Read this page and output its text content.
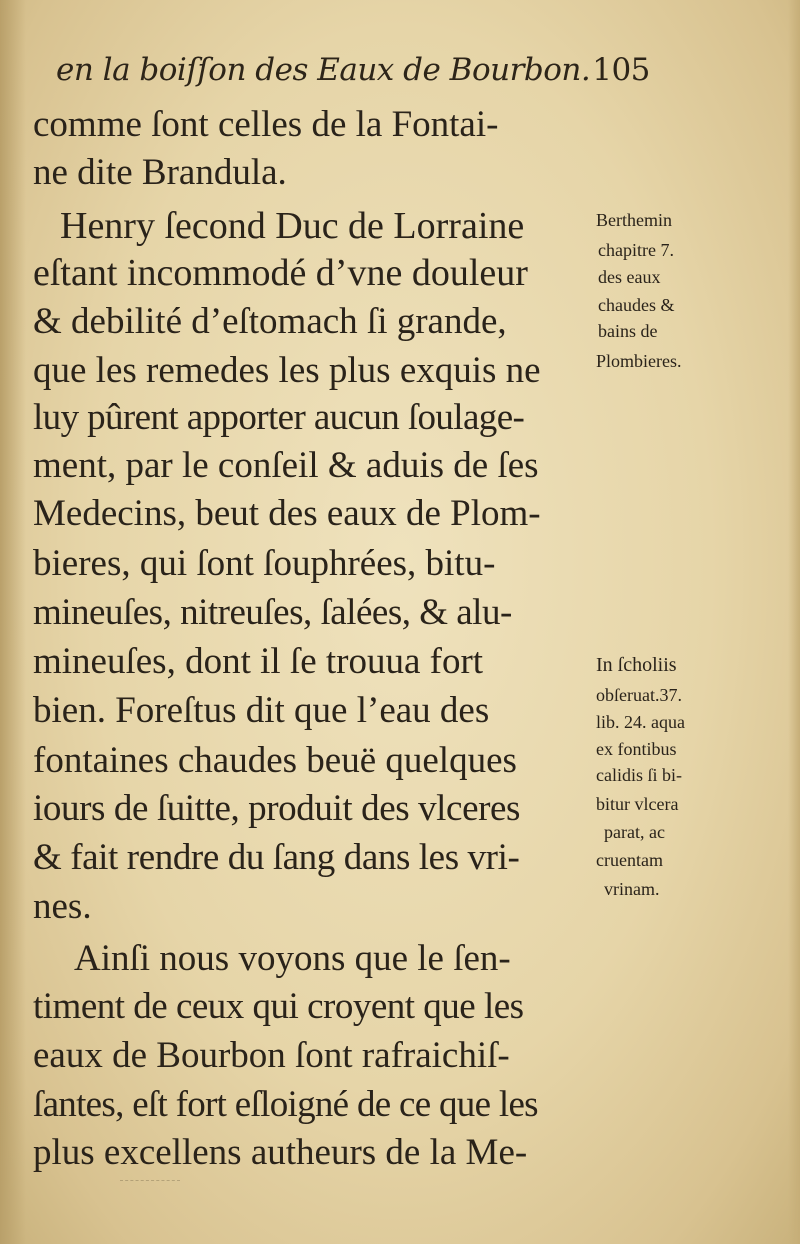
en la boiſſon des Eaux de Bourbon.105
comme ſont celles de la Fontai-
ne dite Brandula.
Henry ſecond Duc de Lorraine
eſtant incommodé d’vne douleur
& debilité d’eſtomach ſi grande,
que les remedes les plus exquis ne
luy pûrent apporter aucun ſoulage-
ment, par le conſeil & aduis de ſes
Medecins, beut des eaux de Plom-
bieres, qui ſont ſouphrées, bitu-
mineuſes, nitreuſes, ſalées, & alu-
mineuſes, dont il ſe trouua fort
bien. Foreſtus dit que l’eau des
fontaines chaudes beuë quelques
iours de ſuitte, produit des vlceres
& fait rendre du ſang dans les vri-
nes.
Ainſi nous voyons que le ſen-
timent de ceux qui croyent que les
eaux de Bourbon ſont rafraichiſ-
ſantes, eſt fort eſloigné de ce que les
plus excellens autheurs de la Me-
Berthemin
chapitre 7.
des eaux
chaudes &
bains de
Plombieres.
In ſcholiis
obſeruat.37.
lib. 24. aqua
ex fontibus
calidis ſi bi-
bitur vlcera
parat, ac
cruentam
vrinam.
